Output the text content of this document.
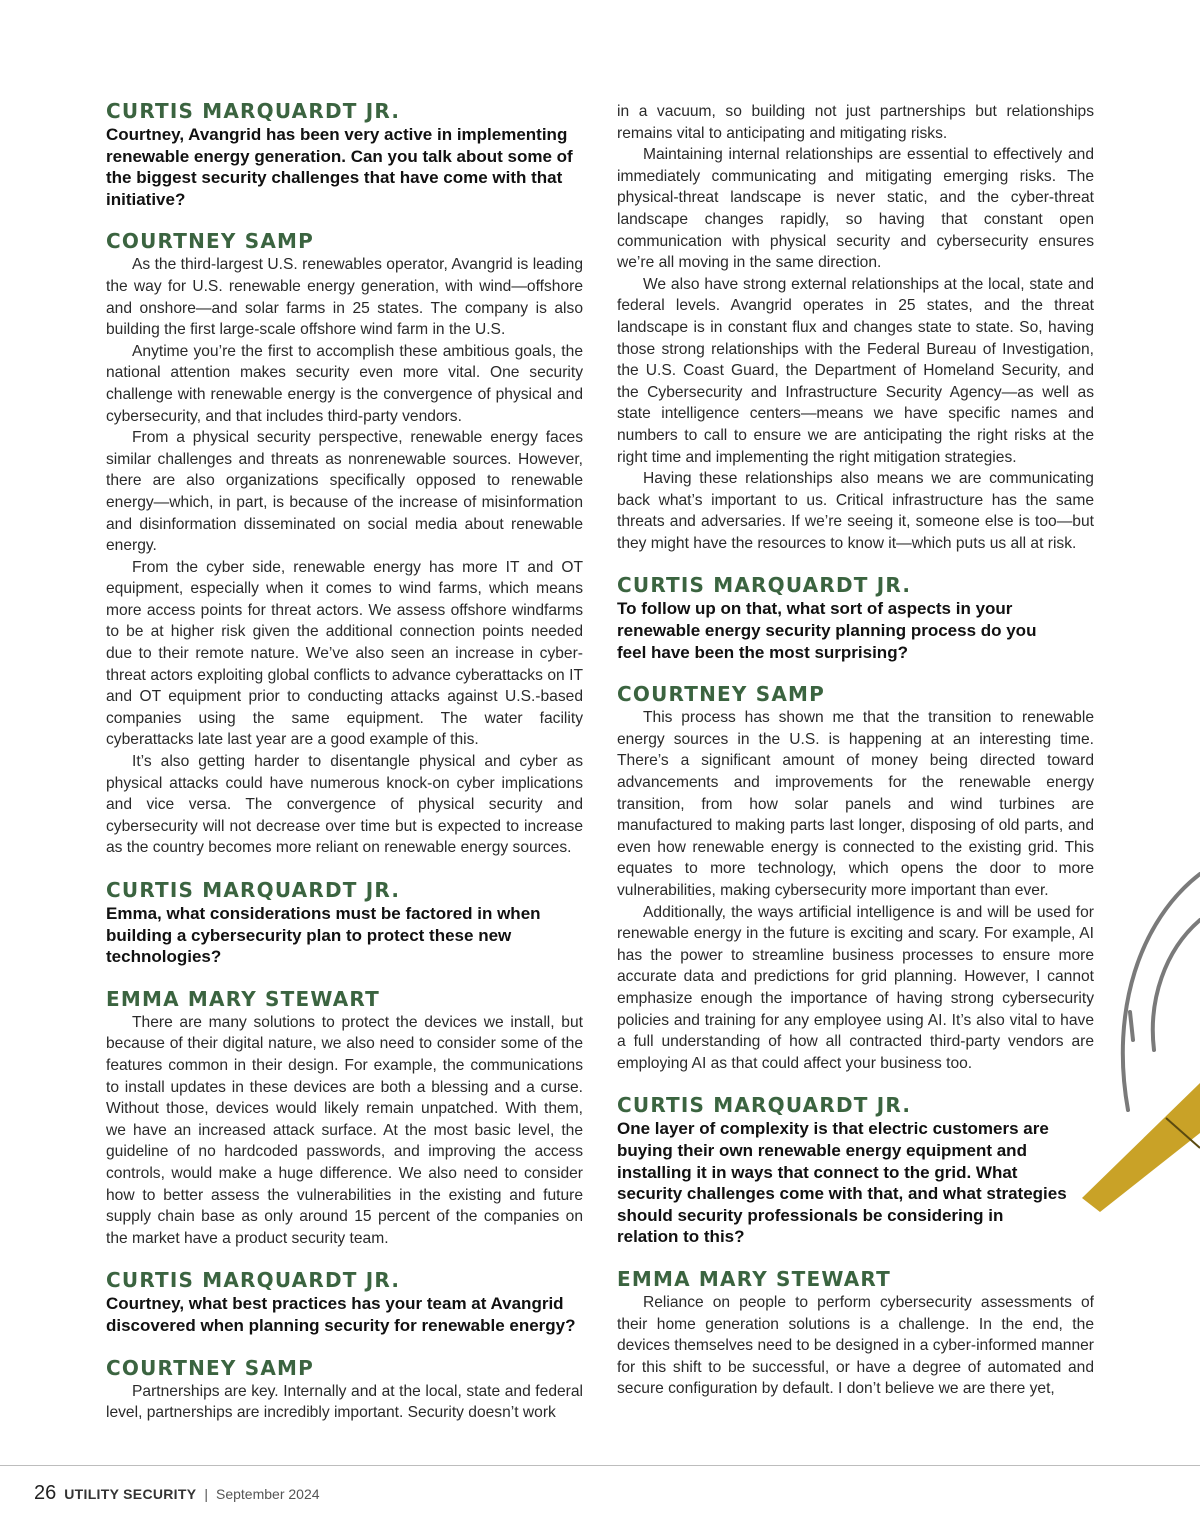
CURTIS MARQUARDT JR.

Courtney, Avangrid has been very active in implementing renewable energy generation. Can you talk about some of the biggest security challenges that have come with that initiative?

COURTNEY SAMP

As the third-largest U.S. renewables operator, Avangrid is leading the way for U.S. renewable energy generation, with wind—offshore and onshore—and solar farms in 25 states. The company is also building the first large-scale offshore wind farm in the U.S.

Anytime you’re the first to accomplish these ambitious goals, the national attention makes security even more vital. One security challenge with renewable energy is the convergence of physical and cybersecurity, and that includes third-party vendors.

From a physical security perspective, renewable energy faces similar challenges and threats as nonrenewable sources. However, there are also organizations specifically opposed to renewable energy—which, in part, is because of the increase of misinformation and disinformation disseminated on social media about renewable energy.

From the cyber side, renewable energy has more IT and OT equipment, especially when it comes to wind farms, which means more access points for threat actors. We assess offshore windfarms to be at higher risk given the additional connection points needed due to their remote nature. We’ve also seen an increase in cyber-threat actors exploiting global conflicts to advance cyberattacks on IT and OT equipment prior to conducting attacks against U.S.-based companies using the same equipment. The water facility cyberattacks late last year are a good example of this.

It’s also getting harder to disentangle physical and cyber as physical attacks could have numerous knock-on cyber implications and vice versa. The convergence of physical security and cybersecurity will not decrease over time but is expected to increase as the country becomes more reliant on renewable energy sources.

CURTIS MARQUARDT JR.

Emma, what considerations must be factored in when building a cybersecurity plan to protect these new technologies?

EMMA MARY STEWART

There are many solutions to protect the devices we install, but because of their digital nature, we also need to consider some of the features common in their design. For example, the communications to install updates in these devices are both a blessing and a curse. Without those, devices would likely remain unpatched. With them, we have an increased attack surface. At the most basic level, the guideline of no hardcoded passwords, and improving the access controls, would make a huge difference. We also need to consider how to better assess the vulnerabilities in the existing and future supply chain base as only around 15 percent of the companies on the market have a product security team.

CURTIS MARQUARDT JR.

Courtney, what best practices has your team at Avangrid discovered when planning security for renewable energy?

COURTNEY SAMP

Partnerships are key. Internally and at the local, state and federal level, partnerships are incredibly important. Security doesn’t work

in a vacuum, so building not just partnerships but relationships remains vital to anticipating and mitigating risks.

Maintaining internal relationships are essential to effectively and immediately communicating and mitigating emerging risks. The physical-threat landscape is never static, and the cyber-threat landscape changes rapidly, so having that constant open communication with physical security and cybersecurity ensures we’re all moving in the same direction.

We also have strong external relationships at the local, state and federal levels. Avangrid operates in 25 states, and the threat landscape is in constant flux and changes state to state. So, having those strong relationships with the Federal Bureau of Investigation, the U.S. Coast Guard, the Department of Homeland Security, and the Cybersecurity and Infrastructure Security Agency—as well as state intelligence centers—means we have specific names and numbers to call to ensure we are anticipating the right risks at the right time and implementing the right mitigation strategies.

Having these relationships also means we are communicating back what’s important to us. Critical infrastructure has the same threats and adversaries. If we’re seeing it, someone else is too—but they might have the resources to know it—which puts us all at risk.

CURTIS MARQUARDT JR.

To follow up on that, what sort of aspects in your renewable energy security planning process do you feel have been the most surprising?

COURTNEY SAMP

This process has shown me that the transition to renewable energy sources in the U.S. is happening at an interesting time. There’s a significant amount of money being directed toward advancements and improvements for the renewable energy transition, from how solar panels and wind turbines are manufactured to making parts last longer, disposing of old parts, and even how renewable energy is connected to the existing grid. This equates to more technology, which opens the door to more vulnerabilities, making cybersecurity more important than ever.

Additionally, the ways artificial intelligence is and will be used for renewable energy in the future is exciting and scary. For example, AI has the power to streamline business processes to ensure more accurate data and predictions for grid planning. However, I cannot emphasize enough the importance of having strong cybersecurity policies and training for any employee using AI. It’s also vital to have a full understanding of how all contracted third-party vendors are employing AI as that could affect your business too.

CURTIS MARQUARDT JR.

One layer of complexity is that electric customers are buying their own renewable energy equipment and installing it in ways that connect to the grid. What security challenges come with that, and what strategies should security professionals be considering in relation to this?

EMMA MARY STEWART

Reliance on people to perform cybersecurity assessments of their home generation solutions is a challenge. In the end, the devices themselves need to be designed in a cyber-informed manner for this shift to be successful, or have a degree of automated and secure configuration by default. I don’t believe we are there yet,

26 UTILITY SECURITY | September 2024
